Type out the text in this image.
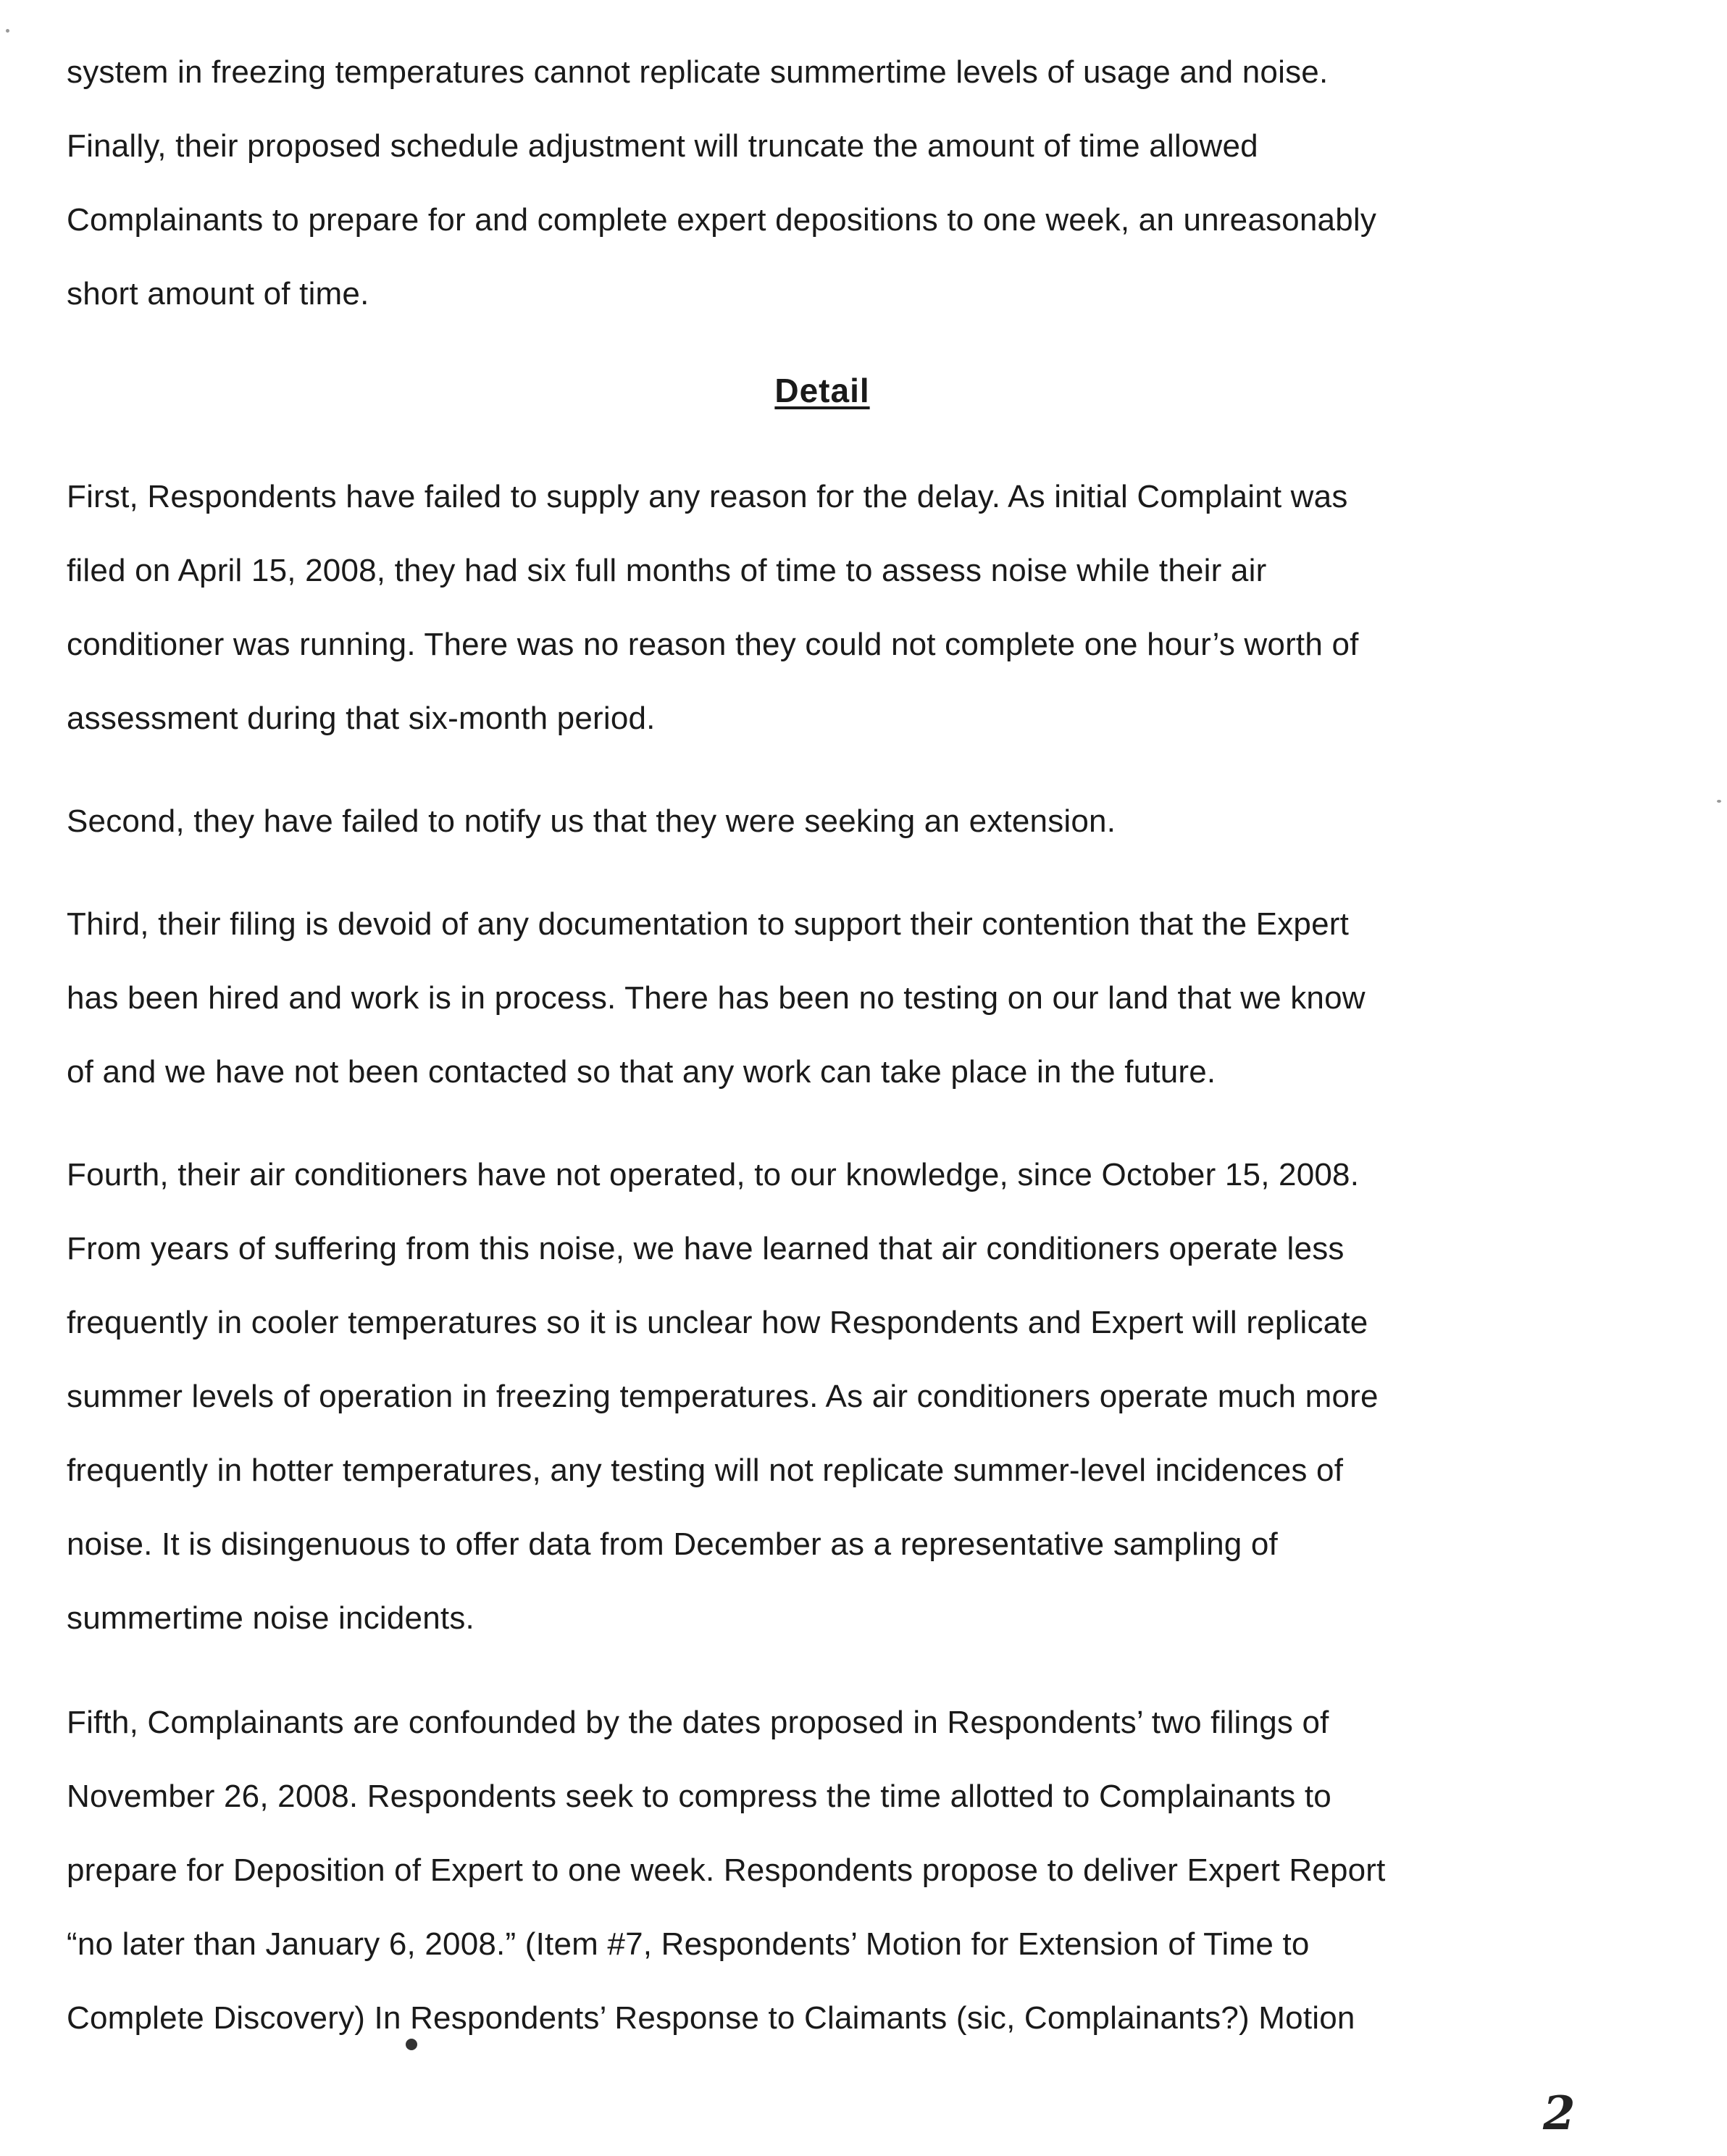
system in freezing temperatures cannot replicate summertime levels of usage and noise.
Finally, their proposed schedule adjustment will truncate the amount of time allowed
Complainants to prepare for and complete expert depositions to one week, an unreasonably
short amount of time.
Detail
First, Respondents have failed to supply any reason for the delay. As initial Complaint was
filed on April 15, 2008, they had six full months of time to assess noise while their air
conditioner was running. There was no reason they could not complete one hour’s worth of
assessment during that six-month period.
Second, they have failed to notify us that they were seeking an extension.
Third, their filing is devoid of any documentation to support their contention that the Expert
has been hired and work is in process. There has been no testing on our land that we know
of and we have not been contacted so that any work can take place in the future.
Fourth, their air conditioners have not operated, to our knowledge, since October 15, 2008.
From years of suffering from this noise, we have learned that air conditioners operate less
frequently in cooler temperatures so it is unclear how Respondents and Expert will replicate
summer levels of operation in freezing temperatures. As air conditioners operate much more
frequently in hotter temperatures, any testing will not replicate summer-level incidences of
noise. It is disingenuous to offer data from December as a representative sampling of
summertime noise incidents.
Fifth, Complainants are confounded by the dates proposed in Respondents’ two filings of
November 26, 2008. Respondents seek to compress the time allotted to Complainants to
prepare for Deposition of Expert to one week. Respondents propose to deliver Expert Report
“no later than January 6, 2008.” (Item #7, Respondents’ Motion for Extension of Time to
Complete Discovery) In Respondents’ Response to Claimants (sic, Complainants?) Motion
2
